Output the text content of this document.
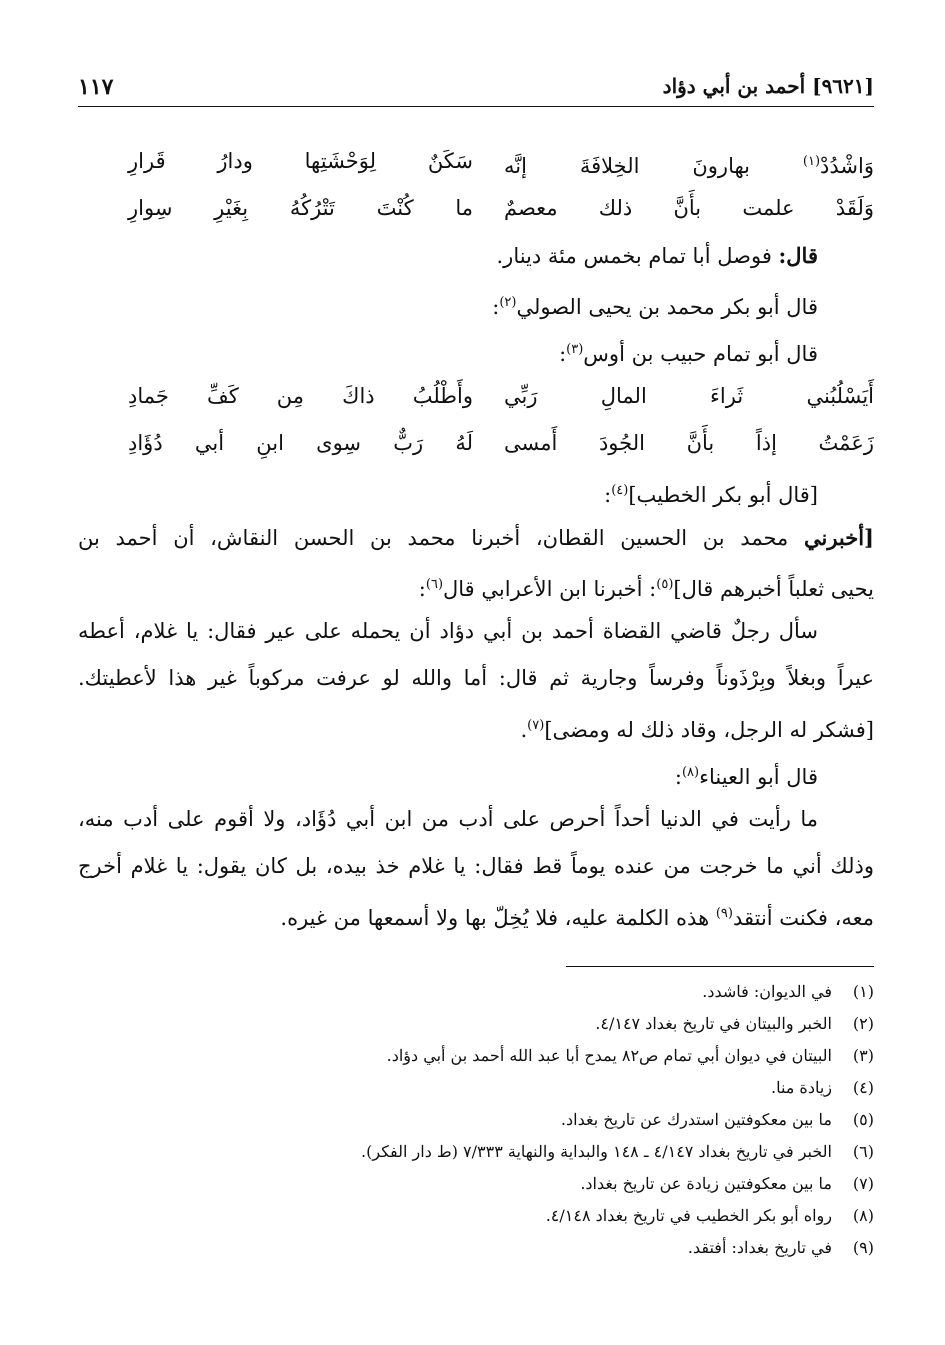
١١٧	[٩٦٢١] أحمد بن أبي دؤاد
وَاشْدُدْ$^{(١)}$ بهارونَ الخِلافَةَ إنَّه
سَكَنٌ لِوَحْشَتِها ودارُ قَرارِ
وَلَقَدْ علمت بأَنَّ ذلك معصمٌ
ما كُنْتَ تَتْرُكُهُ بِغَيْرِ سِوارِ
قال: فوصل أبا تمام بخمس مئة دينار.
قال أبو بكر محمد بن يحيى الصولي$^{(٢)}$:
قال أبو تمام حبيب بن أوس$^{(٣)}$:
أَيَسْلُبُني ثَراءَ المالِ رَبِّي
وأَطْلُبُ ذاكَ مِن كَفِّ جَمادِ
زَعَمْتُ إذاً بأَنَّ الجُودَ أَمسى
لَهُ رَبٌّ سِوى ابنِ أبي دُؤَادِ
[قال أبو بكر الخطيب]$^{(٤)}$:
[أخبرني محمد بن الحسين القطان، أخبرنا محمد بن الحسن النقاش، أن أحمد بن
يحيى ثعلباً أخبرهم قال]$^{(٥)}$: أخبرنا ابن الأعرابي قال$^{(٦)}$:
سأل رجلٌ قاضي القضاة أحمد بن أبي دؤاد أن يحمله على عير فقال: يا غلام، أعطه
عيراً وبغلاً وبِرْذَوناً وفرساً وجارية ثم قال: أما والله لو عرفت مركوباً غير هذا لأعطيتك.
[فشكر له الرجل، وقاد ذلك له ومضى]$^{(٧)}$.
قال أبو العيناء$^{(٨)}$:
ما رأيت في الدنيا أحداً أحرص على أدب من ابن أبي دُؤَاد، ولا أقوم على أدب منه،
وذلك أني ما خرجت من عنده يوماً قط فقال: يا غلام خذ بيده، بل كان يقول: يا غلام أخرج
معه، فكنت أنتقد$^{(٩)}$ هذه الكلمة عليه، فلا يُخِلّ بها ولا أسمعها من غيره.
(١)في الديوان: فاشدد.
(٢)الخبر والبيتان في تاريخ بغداد ٤/١٤٧.
(٣)البيتان في ديوان أبي تمام ص٨٢ يمدح أبا عبد الله أحمد بن أبي دؤاد.
(٤)زيادة منا.
(٥)ما بين معكوفتين استدرك عن تاريخ بغداد.
(٦)الخبر في تاريخ بغداد ٤/١٤٧ ـ ١٤٨ والبداية والنهاية ٧/٣٣٣ (ط دار الفكر).
(٧)ما بين معكوفتين زيادة عن تاريخ بغداد.
(٨)رواه أبو بكر الخطيب في تاريخ بغداد ٤/١٤٨.
(٩)في تاريخ بغداد: أفتقد.
